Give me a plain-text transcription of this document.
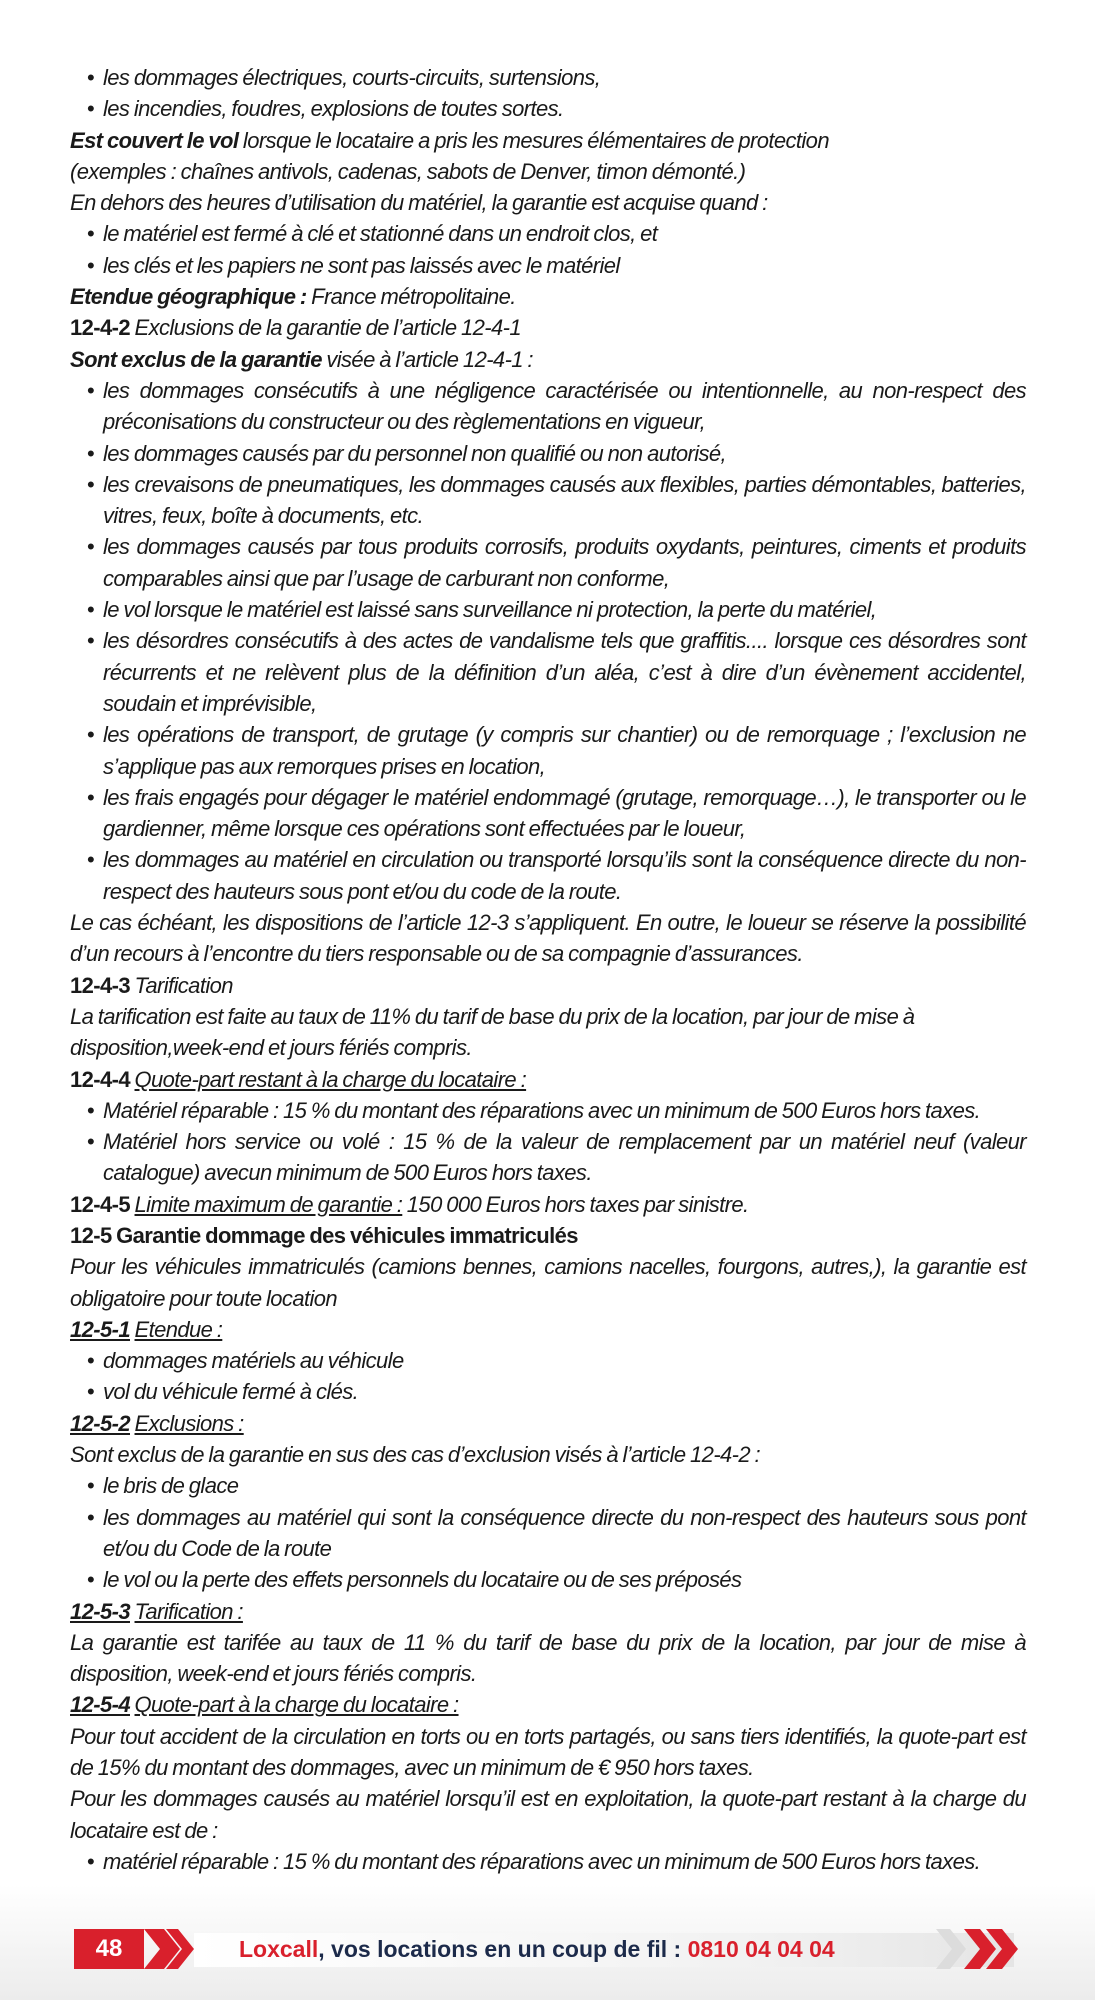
• les dommages électriques, courts-circuits, surtensions,
• les incendies, foudres, explosions de toutes sortes.
Est couvert le vol lorsque le locataire a pris les mesures élémentaires de protection
(exemples : chaînes antivols, cadenas, sabots de Denver, timon démonté.)
En dehors des heures d’utilisation du matériel, la garantie est acquise quand :
• le matériel est fermé à clé et stationné dans un endroit clos, et
• les clés et les papiers ne sont pas laissés avec le matériel
Etendue géographique : France métropolitaine.
12-4-2 Exclusions de la garantie de l’article 12-4-1
Sont exclus de la garantie visée à l’article 12-4-1 :
• les dommages consécutifs à une négligence caractérisée ou intentionnelle, au non-respect des préconisations du constructeur ou des règlementations en vigueur,
• les dommages causés par du personnel non qualifié ou non autorisé,
• les crevaisons de pneumatiques, les dommages causés aux flexibles, parties démontables, batteries, vitres, feux, boîte à documents, etc.
• les dommages causés par tous produits corrosifs, produits oxydants, peintures, ciments et produits comparables ainsi que par l’usage de carburant non conforme,
• le vol lorsque le matériel est laissé sans surveillance ni protection, la perte du matériel,
• les désordres consécutifs à des actes de vandalisme tels que graffitis.... lorsque ces désordres sont récurrents et ne relèvent plus de la définition d’un aléa, c’est à dire d’un évènement accidentel, soudain et imprévisible,
• les opérations de transport, de grutage (y compris sur chantier) ou de remorquage ; l’exclusion ne s’applique pas aux remorques prises en location,
• les frais engagés pour dégager le matériel endommagé (grutage, remorquage…), le transporter ou le gardienner, même lorsque ces opérations sont effectuées par le loueur,
• les dommages au matériel en circulation ou transporté lorsqu’ils sont la conséquence directe du non-respect des hauteurs sous pont et/ou du code de la route.
Le cas échéant, les dispositions de l’article 12-3 s’appliquent. En outre, le loueur se réserve la possibilité d’un recours à l’encontre du tiers responsable ou de sa compagnie d’assurances.
12-4-3 Tarification
La tarification est faite au taux de 11% du tarif de base du prix de la location, par jour de mise à disposition,week-end et jours fériés compris.
12-4-4 Quote-part restant à la charge du locataire :
• Matériel réparable : 15 % du montant des réparations avec un minimum de 500 Euros hors taxes.
• Matériel hors service ou volé : 15 % de la valeur de remplacement par un matériel neuf (valeur catalogue) avecun minimum de 500 Euros hors taxes.
12-4-5 Limite maximum de garantie : 150 000 Euros hors taxes par sinistre.
12-5 Garantie dommage des véhicules immatriculés
Pour les véhicules immatriculés (camions bennes, camions nacelles, fourgons, autres,), la garantie est obligatoire pour toute location
12-5-1 Etendue :
• dommages matériels au véhicule
• vol du véhicule fermé à clés.
12-5-2 Exclusions :
Sont exclus de la garantie en sus des cas d’exclusion visés à l’article 12-4-2 :
• le bris de glace
• les dommages au matériel qui sont la conséquence directe du non-respect des hauteurs sous pont et/ou du Code de la route
• le vol ou la perte des effets personnels du locataire ou de ses préposés
12-5-3 Tarification :
La garantie est tarifée au taux de 11 % du tarif de base du prix de la location, par jour de mise à disposition, week-end et jours fériés compris.
12-5-4 Quote-part à la charge du locataire :
Pour tout accident de la circulation en torts ou en torts partagés, ou sans tiers identifiés, la quote-part est de 15% du montant des dommages, avec un minimum de € 950 hors taxes.
Pour les dommages causés au matériel lorsqu’il est en exploitation, la quote-part restant à la charge du locataire est de :
• matériel réparable : 15 % du montant des réparations avec un minimum de 500 Euros hors taxes.
48	Loxcall, vos locations en un coup de fil : 0810 04 04 04
